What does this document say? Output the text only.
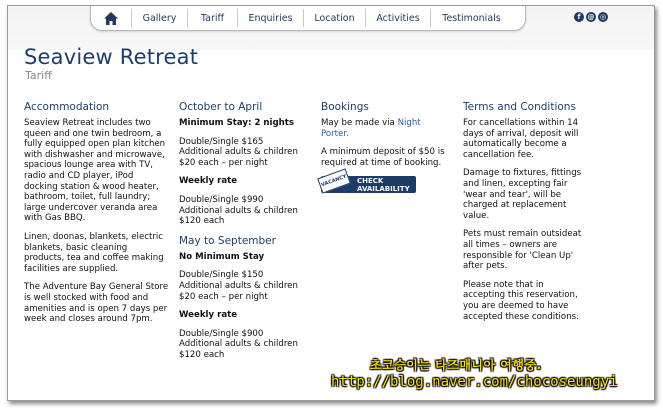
Gallery	Tariff	Enquiries	Location	Activities	Testimonials	f @ ◎
Seaview Retreat
Tariff
Accommodation

Seaview Retreat includes two queen and one twin bedroom, a fully equipped open plan kitchen with dishwasher and microwave, spacious lounge area with TV, radio and CD player, iPod docking station & wood heater, bathroom, toilet, full laundry; large undercover veranda area with Gas BBQ.

Linen, doonas, blankets, electric blankets, basic cleaning products, tea and coffee making facilities are supplied.

The Adventure Bay General Store is well stocked with food and amenities and is open 7 days per week and closes around 7pm.

October to April

Minimum Stay: 2 nights

Double/Single $165

Additional adults & children $20 each – per night

Weekly rate

Double/Single $990

Additional adults & children $120 each

May to September

No Minimum Stay

Double/Single $150

Additional adults & children $20 each – per night

Weekly rate

Double/Single $900

Additional adults & children $120 each

Bookings

May be made via Night Porter.

A minimum deposit of $50 is required at time of booking.

VACANCY	CHECK
AVAILABILITY
Terms and Conditions

For cancellations within 14 days of arrival, deposit will automatically become a cancellation fee.

Damage to fixtures, fittings and linen, excepting fair 'wear and tear', will be charged at replacement value.

Pets must remain outsideat all times – owners are responsible for 'Clean Up' after pets.

Please note that in accepting this reservation, you are deemed to have accepted these conditions.

초코승이는 타즈매니아 여행중.
http://blog.naver.com/chocoseungyi
